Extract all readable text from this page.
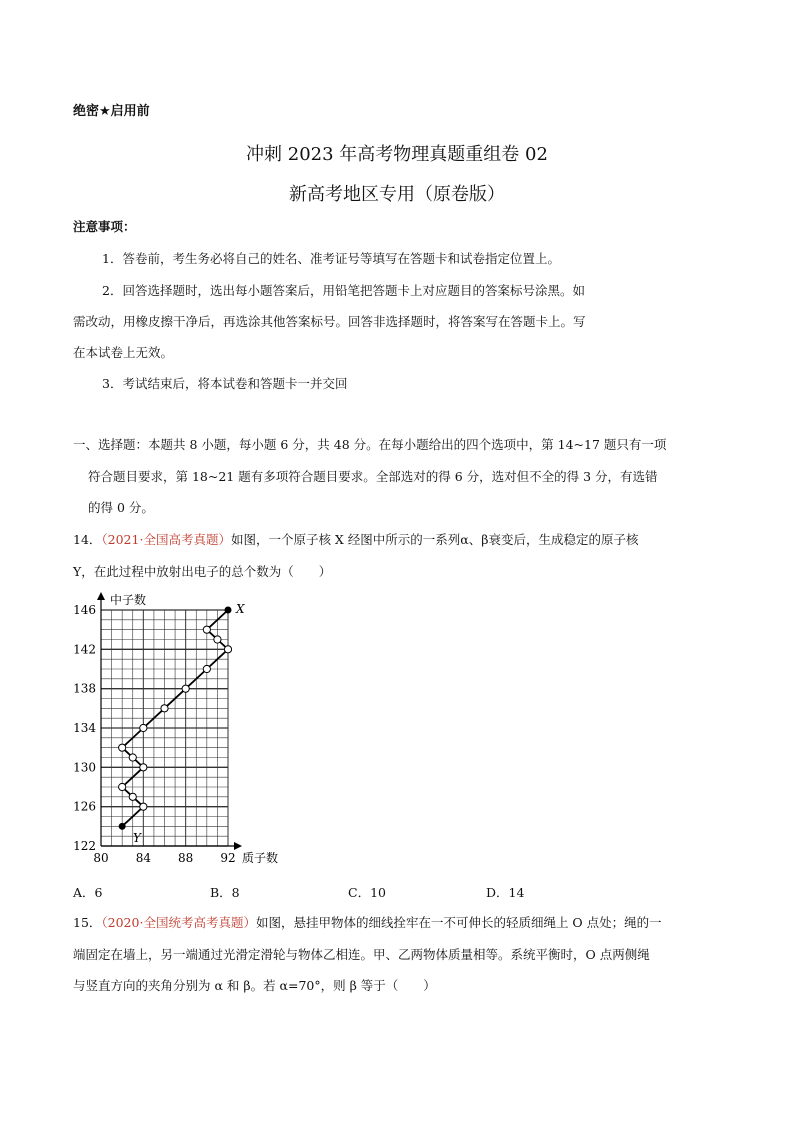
绝密★启用前
冲刺 2023 年高考物理真题重组卷 02
新高考地区专用（原卷版）
注意事项：
1．答卷前，考生务必将自己的姓名、准考证号等填写在答题卡和试卷指定位置上。
2．回答选择题时，选出每小题答案后，用铅笔把答题卡上对应题目的答案标号涂黑。如
需改动，用橡皮擦干净后，再选涂其他答案标号。回答非选择题时，将答案写在答题卡上。写
在本试卷上无效。
3．考试结束后，将本试卷和答题卡一并交回
一、选择题：本题共 8 小题，每小题 6 分，共 48 分。在每小题给出的四个选项中，第 14~17 题只有一项
符合题目要求，第 18~21 题有多项符合题目要求。全部选对的得 6 分，选对但不全的得 3 分，有选错
的得 0 分。
14．（2021·全国高考真题）如图，一个原子核 X 经图中所示的一系列α、β衰变后，生成稳定的原子核
Y，在此过程中放射出电子的总个数为（　　）
80 84 88 92
122
126
130
134
138
142
146
中子数
质子数
X
Y
A．6	B．8	C．10	D．14
15．（2020·全国统考高考真题）如图，悬挂甲物体的细线拴牢在一不可伸长的轻质细绳上 O 点处；绳的一
端固定在墙上，另一端通过光滑定滑轮与物体乙相连。甲、乙两物体质量相等。系统平衡时，O 点两侧绳
与竖直方向的夹角分别为 α 和 β。若 α=70°，则 β 等于（　　）
